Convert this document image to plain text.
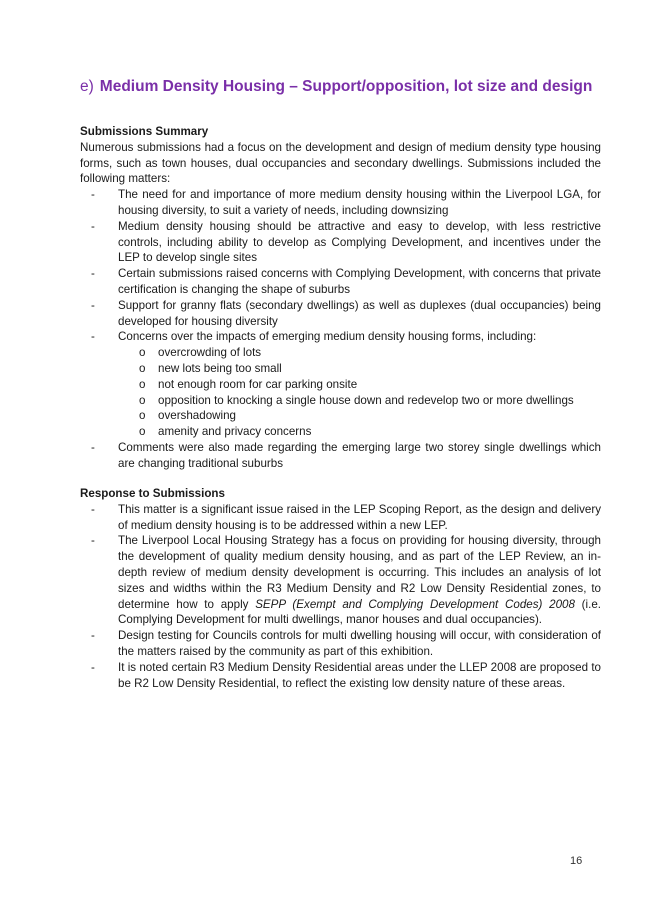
e) Medium Density Housing – Support/opposition, lot size and design
Submissions Summary
Numerous submissions had a focus on the development and design of medium density type housing forms, such as town houses, dual occupancies and secondary dwellings. Submissions included the following matters:
- The need for and importance of more medium density housing within the Liverpool LGA, for housing diversity, to suit a variety of needs, including downsizing
- Medium density housing should be attractive and easy to develop, with less restrictive controls, including ability to develop as Complying Development, and incentives under the LEP to develop single sites
- Certain submissions raised concerns with Complying Development, with concerns that private certification is changing the shape of suburbs
- Support for granny flats (secondary dwellings) as well as duplexes (dual occupancies) being developed for housing diversity
- Concerns over the impacts of emerging medium density housing forms, including:
o overcrowding of lots
o new lots being too small
o not enough room for car parking onsite
o opposition to knocking a single house down and redevelop two or more dwellings
o overshadowing
o amenity and privacy concerns
- Comments were also made regarding the emerging large two storey single dwellings which are changing traditional suburbs
Response to Submissions
- This matter is a significant issue raised in the LEP Scoping Report, as the design and delivery of medium density housing is to be addressed within a new LEP.
- The Liverpool Local Housing Strategy has a focus on providing for housing diversity, through the development of quality medium density housing, and as part of the LEP Review, an in-depth review of medium density development is occurring. This includes an analysis of lot sizes and widths within the R3 Medium Density and R2 Low Density Residential zones, to determine how to apply SEPP (Exempt and Complying Development Codes) 2008 (i.e. Complying Development for multi dwellings, manor houses and dual occupancies).
- Design testing for Councils controls for multi dwelling housing will occur, with consideration of the matters raised by the community as part of this exhibition.
- It is noted certain R3 Medium Density Residential areas under the LLEP 2008 are proposed to be R2 Low Density Residential, to reflect the existing low density nature of these areas.
16
